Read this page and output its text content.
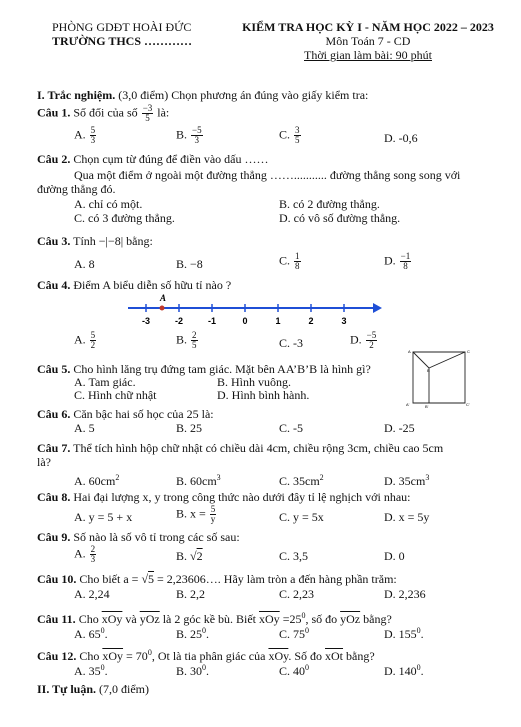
PHÒNG GDĐT HOÀI ĐỨC
TRƯỜNG THCS …………
KIỂM TRA HỌC KỲ I - NĂM HỌC 2022 – 2023
Môn Toán 7 - CD
Thời gian làm bài: 90 phút
I. Trắc nghiệm. (3,0 điểm) Chọn phương án đúng vào giấy kiểm tra:
Câu 1. Số đối của số $\frac{-3}{5}$ là:
A. $\frac{5}{3}$	B. $\frac{-5}{3}$	C. $\frac{3}{5}$	D. -0,6
Câu 2. Chọn cụm từ đúng để điền vào dấu ……
Qua một điểm ở ngoài một đường thẳng ……........... đường thẳng song song với
đường thẳng đó.
A. chỉ có một.	B. có 2 đường thẳng.
C. có 3 đường thẳng.	D. có vô số đường thẳng.
Câu 3. Tính −|−8| bằng:
A. 8	B. −8	C. $\frac{1}{8}$	D. $\frac{-1}{8}$
Câu 4. Điểm A biểu diễn số hữu tỉ nào ?
-3	-2	-1	0	1	2	3
A
A. $\frac{5}{2}$	B. $\frac{2}{5}$	C. -3	D. $\frac{-5}{2}$
Câu 5. Cho hình lăng trụ đứng tam giác. Mặt bên AA’B’B là hình gì?
A. Tam giác.	B. Hình vuông.
C. Hình chữ nhật	D. Hình bình hành.
A
B
C
A'	B'	C'
Câu 6. Căn bậc hai số học của 25 là:
A. 5	B. 25	C. -5	D. -25
Câu 7. Thể tích hình hộp chữ nhật có chiều dài 4cm, chiều rộng 3cm, chiều cao 5cm
là?
A. $60cm^2$	B. $60cm^3$	C. $35cm^2$	D. $35cm^3$
Câu 8. Hai đại lượng x, y trong công thức nào dưới đây tỉ lệ nghịch với nhau:
A. y = 5 + x	B. $x = \frac{5}{y}$	C. y = 5x	D. x = 5y
Câu 9. Số nào là số vô tỉ trong các số sau:
A. $\frac{2}{3}$	B. √2	C. 3,5	D. 0
Câu 10. Cho biết a = √5 = 2,23606…. Hãy làm tròn a đến hàng phần trăm:
A. 2,24	B. 2,2	C. 2,23	D. 2,236
Câu 11. Cho $\overline{xOy}$ và $\overline{yOz}$ là 2 góc kề bù. Biết $\overline{xOy} =25^0$, số đo $\overline{yOz}$ bằng?
A. $65^0$.	B. $25^0$.	C. $75^0$	D. $155^0$.
Câu 12. Cho $\overline{xOy} = 70^0$, Ot là tia phân giác của $\overline{xOy}$. Số đo $\overline{xOt}$ bằng?
A. $35^0$.	B. $30^0$.	C. $40^0$	D. $140^0$.
II. Tự luận. (7,0 điểm)
